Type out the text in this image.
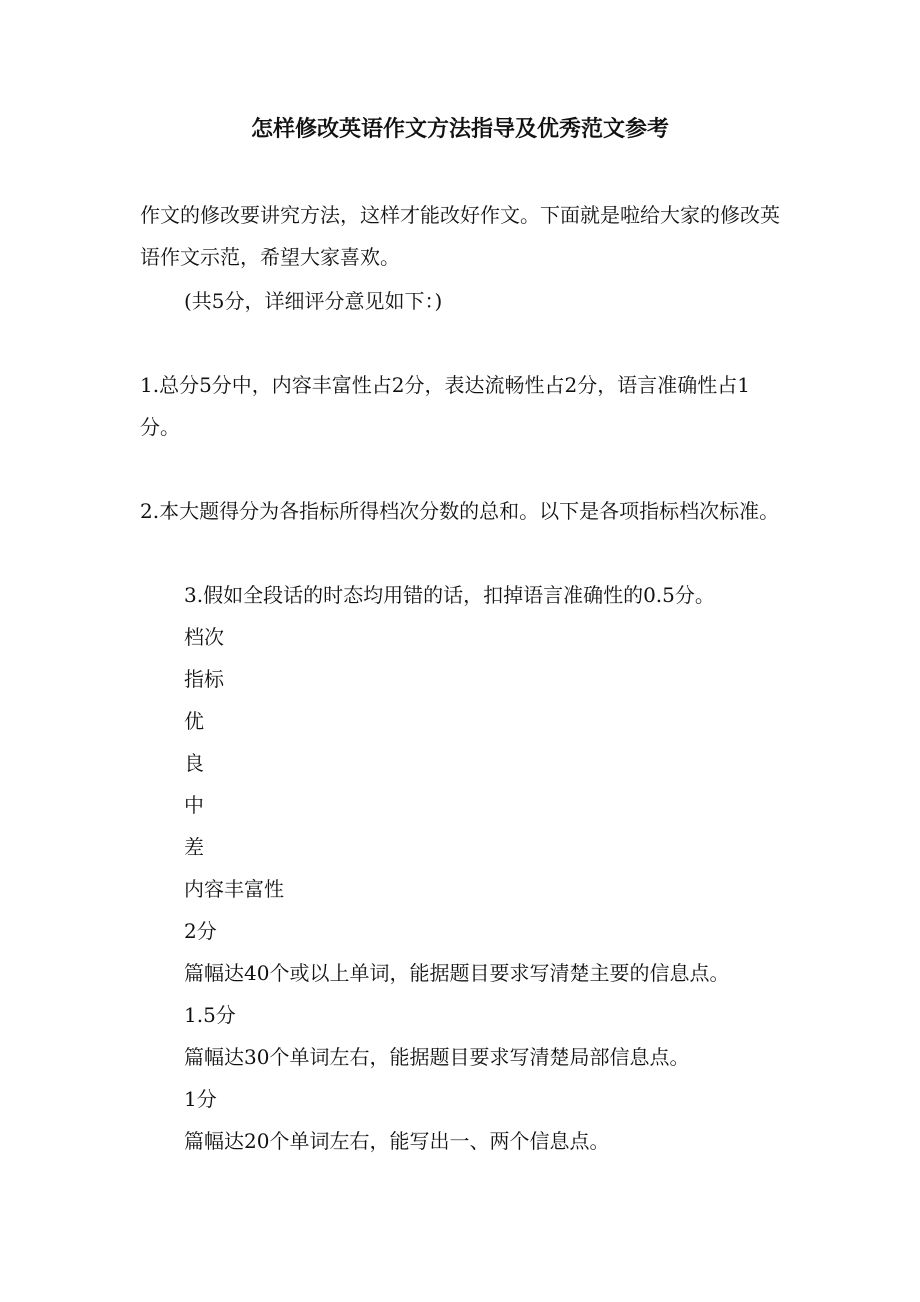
怎样修改英语作文方法指导及优秀范文参考

作文的修改要讲究方法，这样才能改好作文。下面就是啦给大家的修改英语作文示范，希望大家喜欢。

(共5分，详细评分意见如下：)

1.总分5分中，内容丰富性占2分，表达流畅性占2分，语言准确性占1分。

2.本大题得分为各指标所得档次分数的总和。以下是各项指标档次标准。

3.假如全段话的时态均用错的话，扣掉语言准确性的0.5分。

档次

指标

优

良

中

差

内容丰富性

2分

篇幅达40个或以上单词，能据题目要求写清楚主要的信息点。

1.5分

篇幅达30个单词左右，能据题目要求写清楚局部信息点。

1分

篇幅达20个单词左右，能写出一、两个信息点。
